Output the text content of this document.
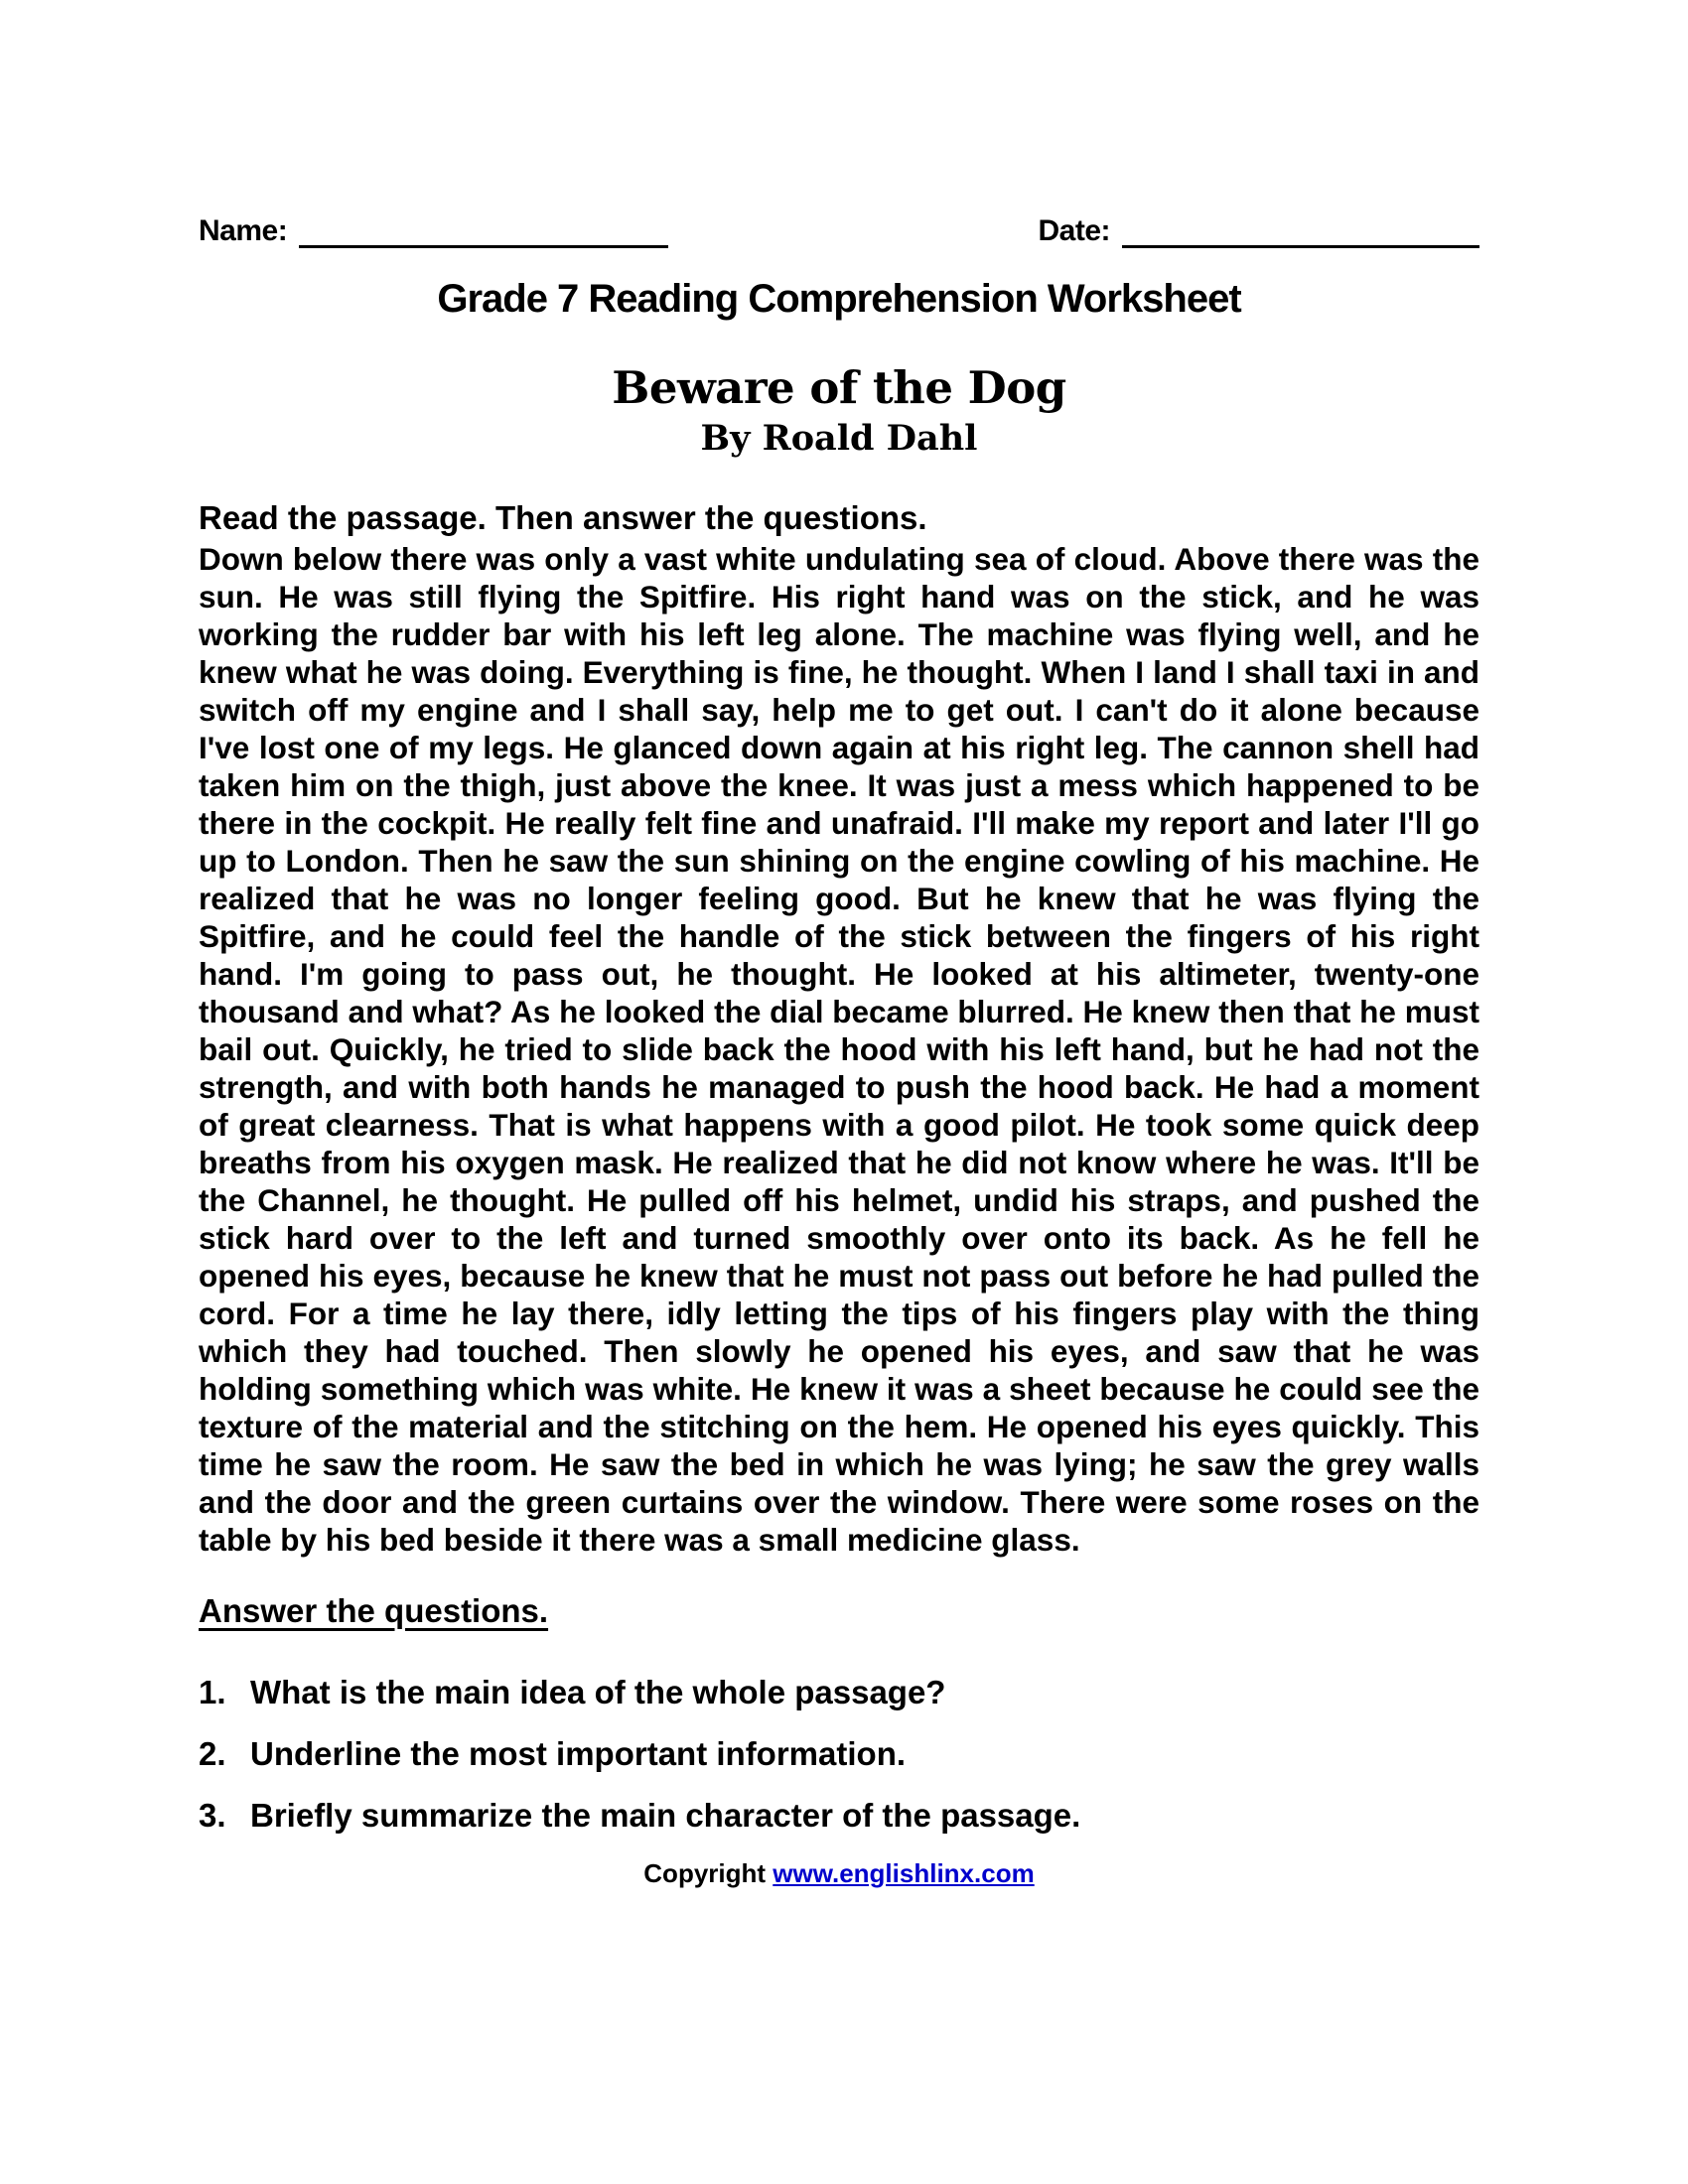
Name:	Date:
Grade 7 Reading Comprehension Worksheet
Beware of the Dog
By Roald Dahl
Read the passage. Then answer the questions.

Down below there was only a vast white undulating sea of cloud. Above there was the sun. He was still flying the Spitfire. His right hand was on the stick, and he was working the rudder bar with his left leg alone. The machine was flying well, and he knew what he was doing. Everything is fine, he thought. When I land I shall taxi in and switch off my engine and I shall say, help me to get out. I can't do it alone because I've lost one of my legs. He glanced down again at his right leg. The cannon shell had taken him on the thigh, just above the knee. It was just a mess which happened to be there in the cockpit. He really felt fine and unafraid. I'll make my report and later I'll go up to London. Then he saw the sun shining on the engine cowling of his machine. He realized that he was no longer feeling good. But he knew that he was flying the Spitfire, and he could feel the handle of the stick between the fingers of his right hand. I'm going to pass out, he thought. He looked at his altimeter, twenty-one thousand and what? As he looked the dial became blurred. He knew then that he must bail out. Quickly, he tried to slide back the hood with his left hand, but he had not the strength, and with both hands he managed to push the hood back. He had a moment of great clearness. That is what happens with a good pilot. He took some quick deep breaths from his oxygen mask. He realized that he did not know where he was. It'll be the Channel, he thought. He pulled off his helmet, undid his straps, and pushed the stick hard over to the left and turned smoothly over onto its back. As he fell he opened his eyes, because he knew that he must not pass out before he had pulled the cord. For a time he lay there, idly letting the tips of his fingers play with the thing which they had touched. Then slowly he opened his eyes, and saw that he was holding something which was white. He knew it was a sheet because he could see the texture of the material and the stitching on the hem. He opened his eyes quickly. This time he saw the room. He saw the bed in which he was lying; he saw the grey walls and the door and the green curtains over the window. There were some roses on the table by his bed beside it there was a small medicine glass.

Answer the questions.
1. What is the main idea of the whole passage?
2. Underline the most important information.
3. Briefly summarize the main character of the passage.
Copyright www.englishlinx.com
